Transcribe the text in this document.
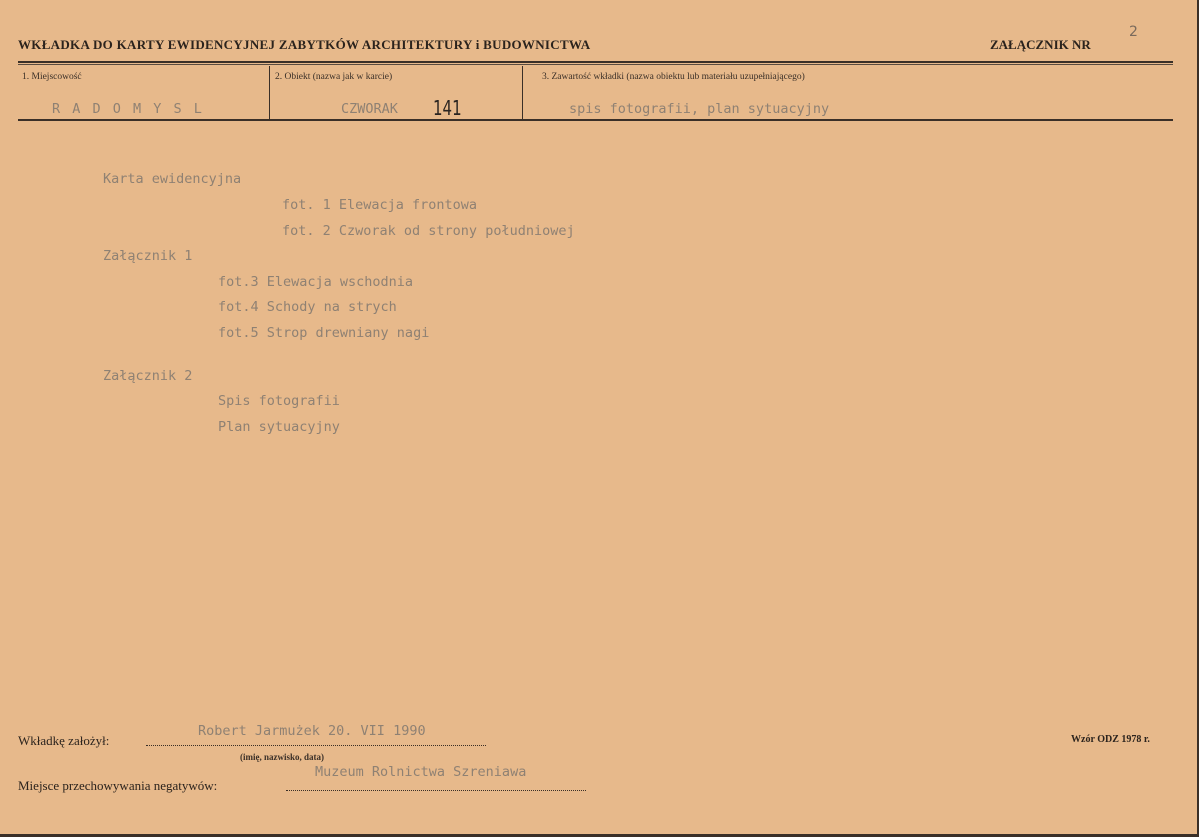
WKŁADKA DO KARTY EWIDENCYJNEJ ZABYTKÓW ARCHITEKTURY i BUDOWNICTWA	ZAŁĄCZNIK NR
2
1. Miejscowość	2. Obiekt (nazwa jak w karcie)	3. Zawartość wkładki (nazwa obiektu lub materiału uzupełniającego)
R A D O M Y S L	CZWORAK 141	spis fotografii, plan sytuacyjny
Karta ewidencyjna
fot. 1 Elewacja frontowa
fot. 2 Czworak od strony południowej
Załącznik 1
fot.3 Elewacja wschodnia
fot.4 Schody na strych
fot.5 Strop drewniany nagi
Załącznik 2
Spis fotografii
Plan sytuacyjny
Wkładkę założył:
Robert Jarmużek 20. VII 1990
(imię, nazwisko, data)
Miejsce przechowywania negatywów:
Muzeum Rolnictwa Szreniawa
Wzór ODZ 1978 r.
